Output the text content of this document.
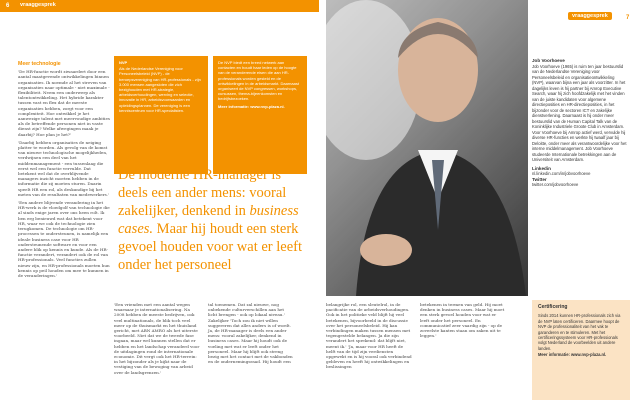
6	vraaggesprek
vraaggesprek	7
Meer technologie

'De HR-functie wordt ziwaardert door een aantal maatgevende ontwikkelingen binnen organisaties. Ik noemde al het streven van organisaties naar optimale - niet maximale - flexibiliteit. Neem een onderwerp als talentontwikkeling. Het hybride karakter tussen vast en flex dat de meeste organisaties hebben, zorgt voor een complexiteit. Hoe ontwikkel je het aanwezige talent met meervoudige ambities als de betreffende personen niet in vaste dienst zijn? Welke afwegingen maak je daarbij? Hoe plan je het?'

'Daarbij hebben organisaties de neiging platter te worden. Als gevolg van de komst van nieuwe technologische mogelijkheden, verdwijnen een deel van het middenmanagement - een tussenlaag die eerst wel een functie vervulde. Dat betekent wel dat de overblijvende managers inzicht moeten hebben in de informatie die zij moeten sturen. Daarin speelt HR een rol, als deskundige bij het meten van de resultaten van medewerkers.'

'Een andere blijvende verandering in het HR-werk is de vloedgolf van technologie die al sinds enige jaren over ons heen rolt. Ik ben erg benieuwd wat dat betekent voor HR, waar we ook de technologie zien terugkomen. De technologie om HR-processen te ondersteunen, is namelijk een ideale business case voor HR ondersteunende software en voor een andere blik op kennis en kunde. Als de HR-functie verandert, verandert ook de rol van HR-professionals. Veel functies zullen nieuw zijn, en HR-professionals moeten hun kennis op peil houden om mee te kunnen in de veranderingen.'

NVP
Als de Nederlandse Vereniging voor Personeelsbeleid (NVP) - de beroepsvereniging van HR-professionals - zijn 3.000 mensen aangesloten die zich bezighouden met HR-strategie, arbeidsverhoudingen, werving en selectie, innovatie in HR, arbeidsvoorwaarden en opleidingsplannen. De vereniging is een kenniscentrum voor HR-specialisten.
De NVP biedt een breed netwerk aan contacten en houdt haar leden op de hoogte van de veranderende eisen die aan HR-professionals worden gesteld en de ontwikkelingen in de arbeidsmarkt. Daarnaast organiseert de NVP congressen, workshops, cursussen, thema-bijeenkomsten en bedrijfsbezoeken.
Meer informatie: www.nvp-plaza.nl.
De moderne HR-manager is deels een ander mens: vooral zakelijker, denkend in business cases. Maar hij houdt een sterk gevoel houden voor wat er leeft onder het personeel

'Een vrienden met een aantal wegen waarnaar je internationalisering. Na 2008 hebben de meeste bedrijven, ook veel multinationals, de blik toch veel meer op de thuismarkt en het thuisland gericht, met ABN AMRO als het uiterste voorbeeld. Niet dat we de tweede fase ingaan, maar wel kunnen stellen dat er hebben en het landschap veranderd voor de uitdagingen rond de internationale economie. Dit vergt ook het HR-terrein: in het bijzonder als je kijkt naar de vestiging van de bewoging van arbeid over de landsgrenzen.'

tal toenemen. Dat zal nieuwe, nog onbekende culturverschillen aan het licht brengen - ook op lokaal niveau.' Zakelijker 'Toch zou ik niet willen suggereren dat alles anders is of wordt. Ja, de HR-manager is deels een ander mens: vooral zakelijker, denkend in business cases. Maar hij houdt ook de voeling met wat er leeft onder het personeel. Maar hij blijft ook streng bezig met het contact met de vakbonden en de ondernemingsraad. Hij houdt een

belangrijke rol, een sleutelrol, in de pacificatie van de arbeidsverhoudingen. Ook in het politieke veld blijft hij veel betekenen, bijvoorbeeld in de discussie over het personeelsbeleid. Hij kan verbindingen maken tussen mensen met tegengestelde belangen. Ja die zijn verandert het sprekend: dat blijft niet, meent ik.' 'Ja, maar voor HR heeft de helft van de tijd zijn verdiensten opgewekt en is hij vooral ook verbindend gebleven en heeft hij ontwikkelingen en beslissingen

betekenen in termen van geld. Hij moet denken in business cases. Maar hij moet een sterk gevoel houden voor wat er leeft onder het personeel. En communicatief zeer vaardig zijn - op de zoveelste kanten staan om zaken uit te leggen.'

Job Voorhoeve
Job Voorhoeve (1965) is ruim ten jaar bestuurslid van de Nederlandse Vereniging voor Personeelsbeleid en organisatieontwikkeling (NVP), waarvan bijna een jaar als voorzitter. In het dagelijks leven is hij partner bij Amrop Executive Search, waar hij zich hoofdzakelijk met het vinden van de juiste kandidaten voor algemene directieposities en HR-directieposities, in het bijzonder voor de sectoren ICT en zakelijke dienstverlening. Daarnaast is hij onder meer bestuurslid van de Human Capital Talk van de Koninklijke Industriele Groote Club in Amsterdam. Voor Voorhoeve bij Amrop actief werd, vervulde hij diverse HR-functies en werkte hij twaalf jaar bij Deloitte, onder meer als verantwoordelijke voor het interne middelmanagement. Job Voorhoeve studeerde Internationale betrekkingen aan de Universiteit van Amsterdam.
Linkedin
nl.linkedin.com/in/jobvoorhoeve
Twitter
twitter.com/jobvoorhoeve
Certificering
Sinds 2014 kunnen HR-professionals zich via de NVP laten certificeren. Daarmee hoopt de NVP de professionaliteit van het vak te garanderen en te stimuleren. Met het certificeringssysteem voor HR-professionals volgt Nederland de voorbeelden uit andere landen.
Meer informatie: www.nvp-plaza.nl.
